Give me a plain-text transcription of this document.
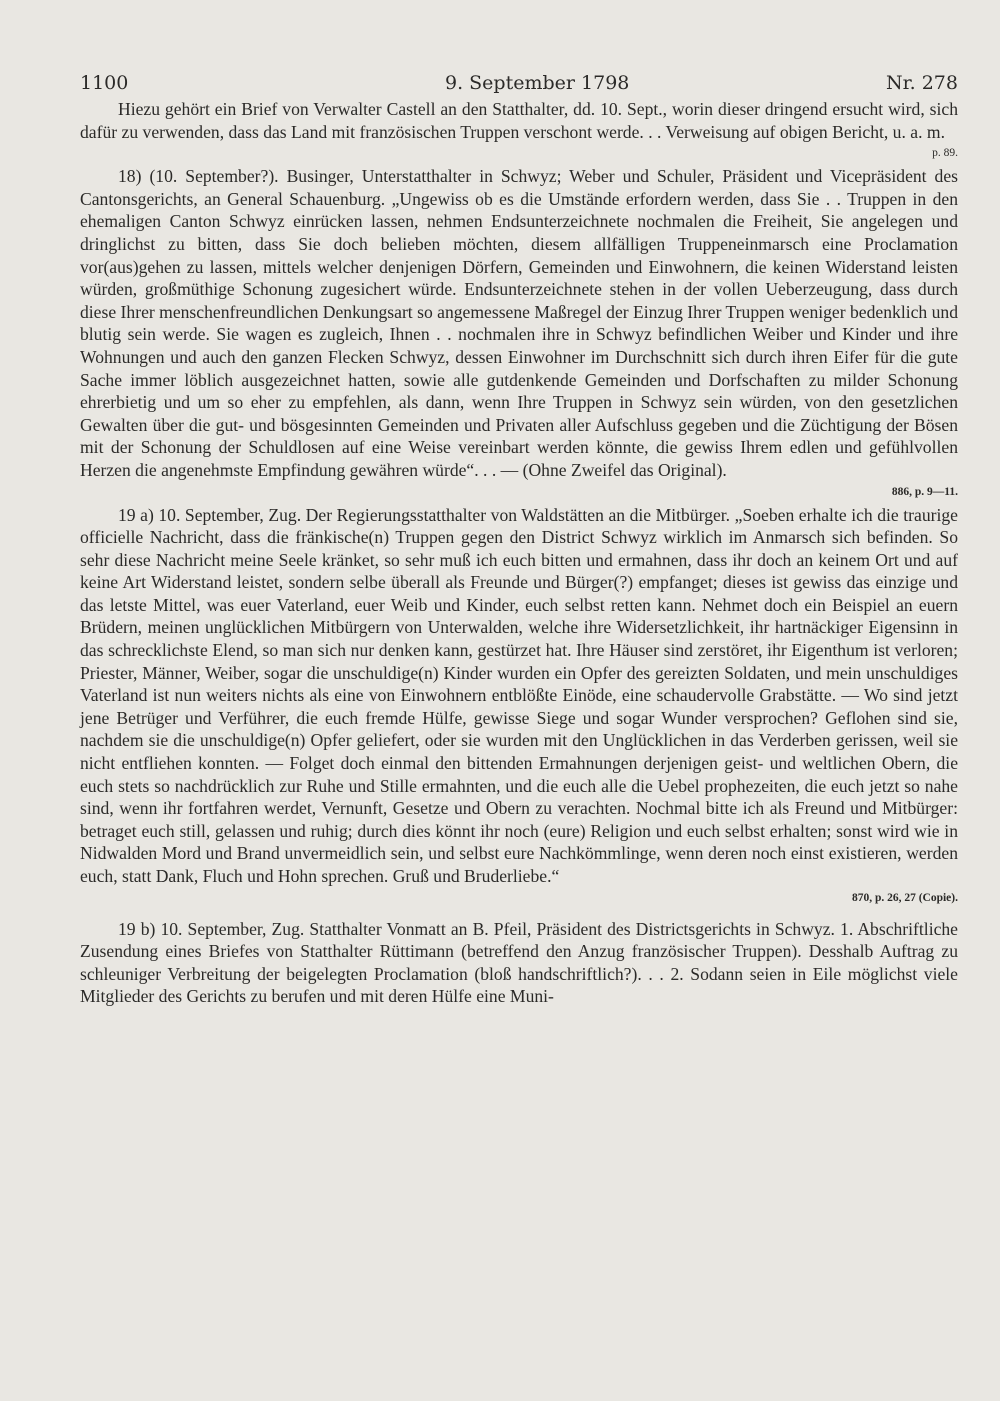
1100	9. September 1798	Nr. 278

Hiezu gehört ein Brief von Verwalter Castell an den Statthalter, dd. 10. Sept., worin dieser dringend ersucht wird, sich dafür zu verwenden, dass das Land mit französischen Truppen verschont werde. . . Verweisung auf obigen Bericht, u. a. m.

p. 89.

18) (10. September?). Businger, Unterstatthalter in Schwyz; Weber und Schuler, Präsident und Vicepräsident des Cantonsgerichts, an General Schauenburg. „Ungewiss ob es die Umstände erfordern werden, dass Sie . . Truppen in den ehemaligen Canton Schwyz einrücken lassen, nehmen Endsunterzeichnete nochmalen die Freiheit, Sie angelegen und dringlichst zu bitten, dass Sie doch belieben möchten, diesem allfälligen Truppeneinmarsch eine Proclamation vor(aus)gehen zu lassen, mittels welcher denjenigen Dörfern, Gemeinden und Einwohnern, die keinen Widerstand leisten würden, großmüthige Schonung zugesichert würde. Endsunterzeichnete stehen in der vollen Ueberzeugung, dass durch diese Ihrer menschenfreundlichen Denkungsart so angemessene Maßregel der Einzug Ihrer Truppen weniger bedenklich und blutig sein werde. Sie wagen es zugleich, Ihnen . . nochmalen ihre in Schwyz befindlichen Weiber und Kinder und ihre Wohnungen und auch den ganzen Flecken Schwyz, dessen Einwohner im Durchschnitt sich durch ihren Eifer für die gute Sache immer löblich ausgezeichnet hatten, sowie alle gutdenkende Gemeinden und Dorfschaften zu milder Schonung ehrerbietig und um so eher zu empfehlen, als dann, wenn Ihre Truppen in Schwyz sein würden, von den gesetzlichen Gewalten über die gut- und bösgesinnten Gemeinden und Privaten aller Aufschluss gegeben und die Züchtigung der Bösen mit der Schonung der Schuldlosen auf eine Weise vereinbart werden könnte, die gewiss Ihrem edlen und gefühlvollen Herzen die angenehmste Empfindung gewähren würde“. . . — (Ohne Zweifel das Original).

886, p. 9—11.

19 a) 10. September, Zug. Der Regierungsstatthalter von Waldstätten an die Mitbürger. „Soeben erhalte ich die traurige officielle Nachricht, dass die fränkische(n) Truppen gegen den District Schwyz wirklich im Anmarsch sich befinden. So sehr diese Nachricht meine Seele kränket, so sehr muß ich euch bitten und ermahnen, dass ihr doch an keinem Ort und auf keine Art Widerstand leistet, sondern selbe überall als Freunde und Bürger(?) empfanget; dieses ist gewiss das einzige und das letste Mittel, was euer Vaterland, euer Weib und Kinder, euch selbst retten kann. Nehmet doch ein Beispiel an euern Brüdern, meinen unglücklichen Mitbürgern von Unterwalden, welche ihre Widersetzlichkeit, ihr hartnäckiger Eigensinn in das schrecklichste Elend, so man sich nur denken kann, gestürzet hat. Ihre Häuser sind zerstöret, ihr Eigenthum ist verloren; Priester, Männer, Weiber, sogar die unschuldige(n) Kinder wurden ein Opfer des gereizten Soldaten, und mein unschuldiges Vaterland ist nun weiters nichts als eine von Einwohnern entblößte Einöde, eine schaudervolle Grabstätte. — Wo sind jetzt jene Betrüger und Verführer, die euch fremde Hülfe, gewisse Siege und sogar Wunder versprochen? Geflohen sind sie, nachdem sie die unschuldige(n) Opfer geliefert, oder sie wurden mit den Unglücklichen in das Verderben gerissen, weil sie nicht entfliehen konnten. — Folget doch einmal den bittenden Ermahnungen derjenigen geist- und weltlichen Obern, die euch stets so nachdrücklich zur Ruhe und Stille ermahnten, und die euch alle die Uebel prophezeiten, die euch jetzt so nahe sind, wenn ihr fortfahren werdet, Vernunft, Gesetze und Obern zu verachten. Nochmal bitte ich als Freund und Mitbürger: betraget euch still, gelassen und ruhig; durch dies könnt ihr noch (eure) Religion und euch selbst erhalten; sonst wird wie in Nidwalden Mord und Brand unvermeidlich sein, und selbst eure Nachkömmlinge, wenn deren noch einst existieren, werden euch, statt Dank, Fluch und Hohn sprechen. Gruß und Bruderliebe.“

870, p. 26, 27 (Copie).

19 b) 10. September, Zug. Statthalter Vonmatt an B. Pfeil, Präsident des Districtsgerichts in Schwyz. 1. Abschriftliche Zusendung eines Briefes von Statthalter Rüttimann (betreffend den Anzug französischer Truppen). Desshalb Auftrag zu schleuniger Verbreitung der beigelegten Proclamation (bloß handschriftlich?). . . 2. Sodann seien in Eile möglichst viele Mitglieder des Gerichts zu berufen und mit deren Hülfe eine Muni-
